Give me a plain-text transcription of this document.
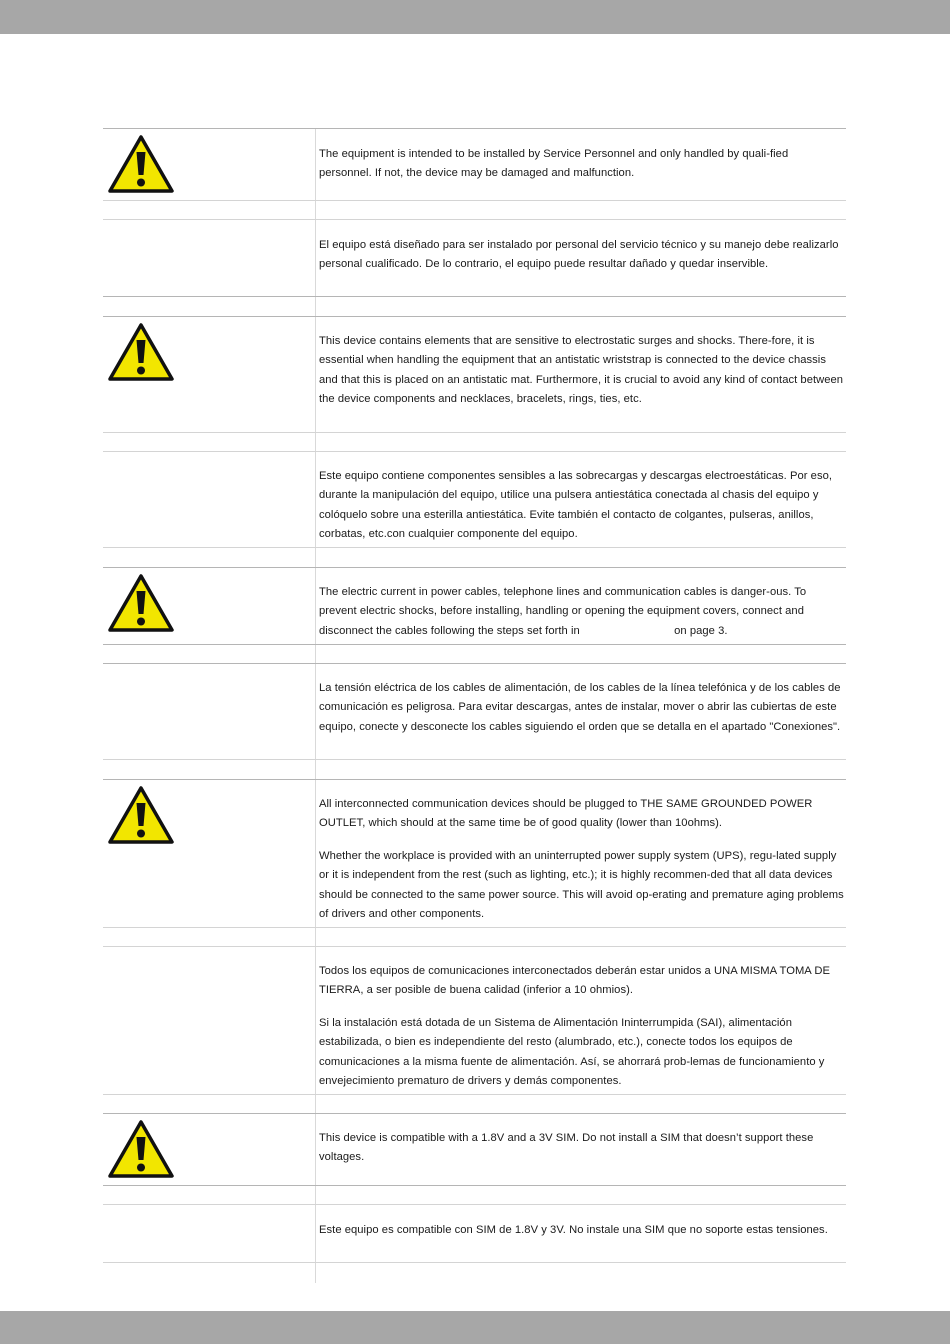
The equipment is intended to be installed by Service Personnel and only handled by quali-fied personnel. If not, the device may be damaged and malfunction.

El equipo está diseñado para ser instalado por personal del servicio técnico y su manejo debe realizarlo personal cualificado. De lo contrario, el equipo puede resultar dañado y quedar inservible.

This device contains elements that are sensitive to electrostatic surges and shocks. There-fore, it is essential when handling the equipment that an antistatic wriststrap is connected to the device chassis and that this is placed on an antistatic mat. Furthermore, it is crucial to avoid any kind of contact between the device components and necklaces, bracelets, rings, ties, etc.

Este equipo contiene componentes sensibles a las sobrecargas y descargas electroestáticas. Por eso, durante la manipulación del equipo, utilice una pulsera antiestática conectada al chasis del equipo y colóquelo sobre una esterilla antiestática. Evite también el contacto de colgantes, pulseras, anillos, corbatas, etc.con cualquier componente del equipo.

The electric current in power cables, telephone lines and communication cables is danger-ous. To prevent electric shocks, before installing, handling or opening the equipment covers, connect and disconnect the cables following the steps set forth in	on page 3.

La tensión eléctrica de los cables de alimentación, de los cables de la línea telefónica y de los cables de comunicación es peligrosa. Para evitar descargas, antes de instalar, mover o abrir las cubiertas de este equipo, conecte y desconecte los cables siguiendo el orden que se detalla en el apartado "Conexiones".

All interconnected communication devices should be plugged to THE SAME GROUNDED POWER OUTLET, which should at the same time be of good quality (lower than 10ohms).

Whether the workplace is provided with an uninterrupted power supply system (UPS), regu-lated supply or it is independent from the rest (such as lighting, etc.); it is highly recommen-ded that all data devices should be connected to the same power source. This will avoid op-erating and premature aging problems of drivers and other components.

Todos los equipos de comunicaciones interconectados deberán estar unidos a UNA MISMA TOMA DE TIERRA, a ser posible de buena calidad (inferior a 10 ohmios).

Si la instalación está dotada de un Sistema de Alimentación Ininterrumpida (SAI), alimentación estabilizada, o bien es independiente del resto (alumbrado, etc.), conecte todos los equipos de comunicaciones a la misma fuente de alimentación. Así, se ahorrará prob-lemas de funcionamiento y envejecimiento prematuro de drivers y demás componentes.

This device is compatible with a 1.8V and a 3V SIM. Do not install a SIM that doesn’t support these voltages.

Este equipo es compatible con SIM de 1.8V y 3V. No instale una SIM que no soporte estas tensiones.
